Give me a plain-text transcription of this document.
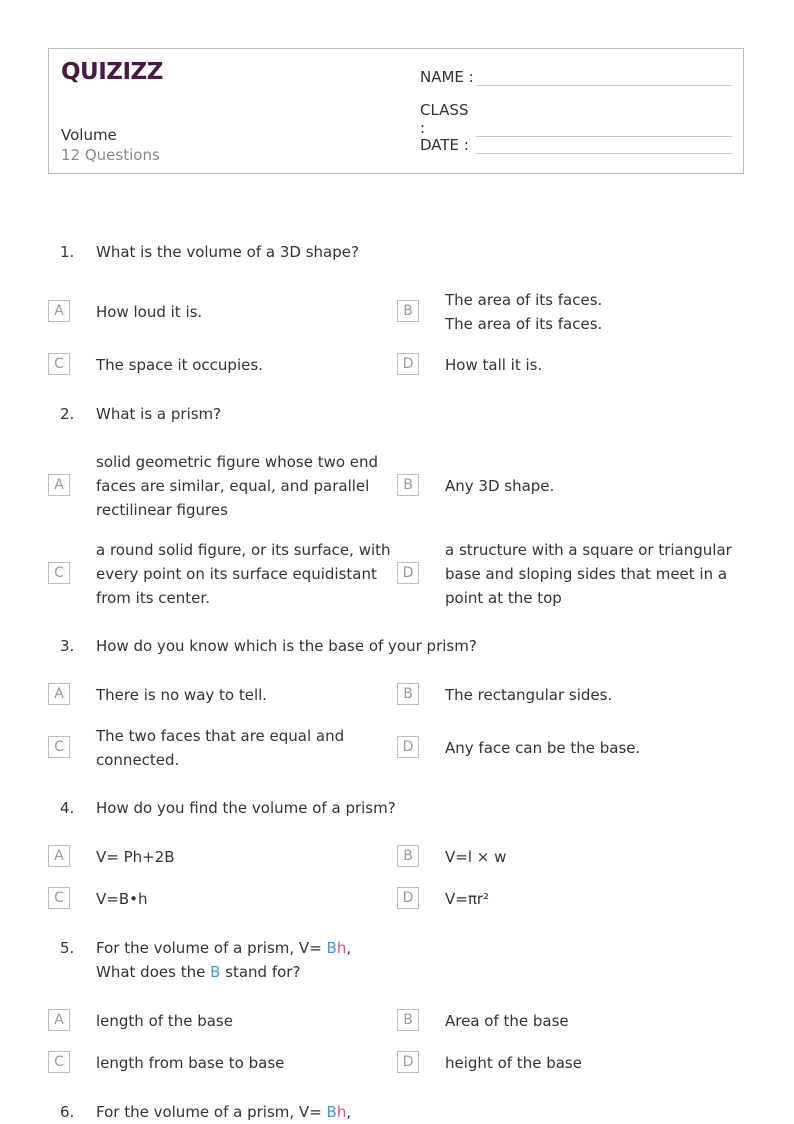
QUIZIZZ
Volume
12 Questions
NAME :
CLASS :
DATE :
1.	What is the volume of a 3D shape?
A	How loud it is.	B
The area of its faces.
The area of its faces.
C	The space it occupies.	D	How tall it is.
2.	What is a prism?
A
solid geometric figure whose two end
faces are similar, equal, and parallel
rectilinear figures
B	Any 3D shape.
C
a round solid figure, or its surface, with
every point on its surface equidistant
from its center.
D
a structure with a square or triangular
base and sloping sides that meet in a
point at the top
3.	How do you know which is the base of your prism?
A	There is no way to tell.	B	The rectangular sides.
C
The two faces that are equal and
connected.
D	Any face can be the base.
4.	How do you find the volume of a prism?
A	V= Ph+2B	B	V=l × w
C	V=B•h	D	V=πr²
5.	For the volume of a prism, V= Bh,
What does the B stand for?
A	length of the base	B	Area of the base
C	length from base to base	D	height of the base
6.	For the volume of a prism, V= Bh,
